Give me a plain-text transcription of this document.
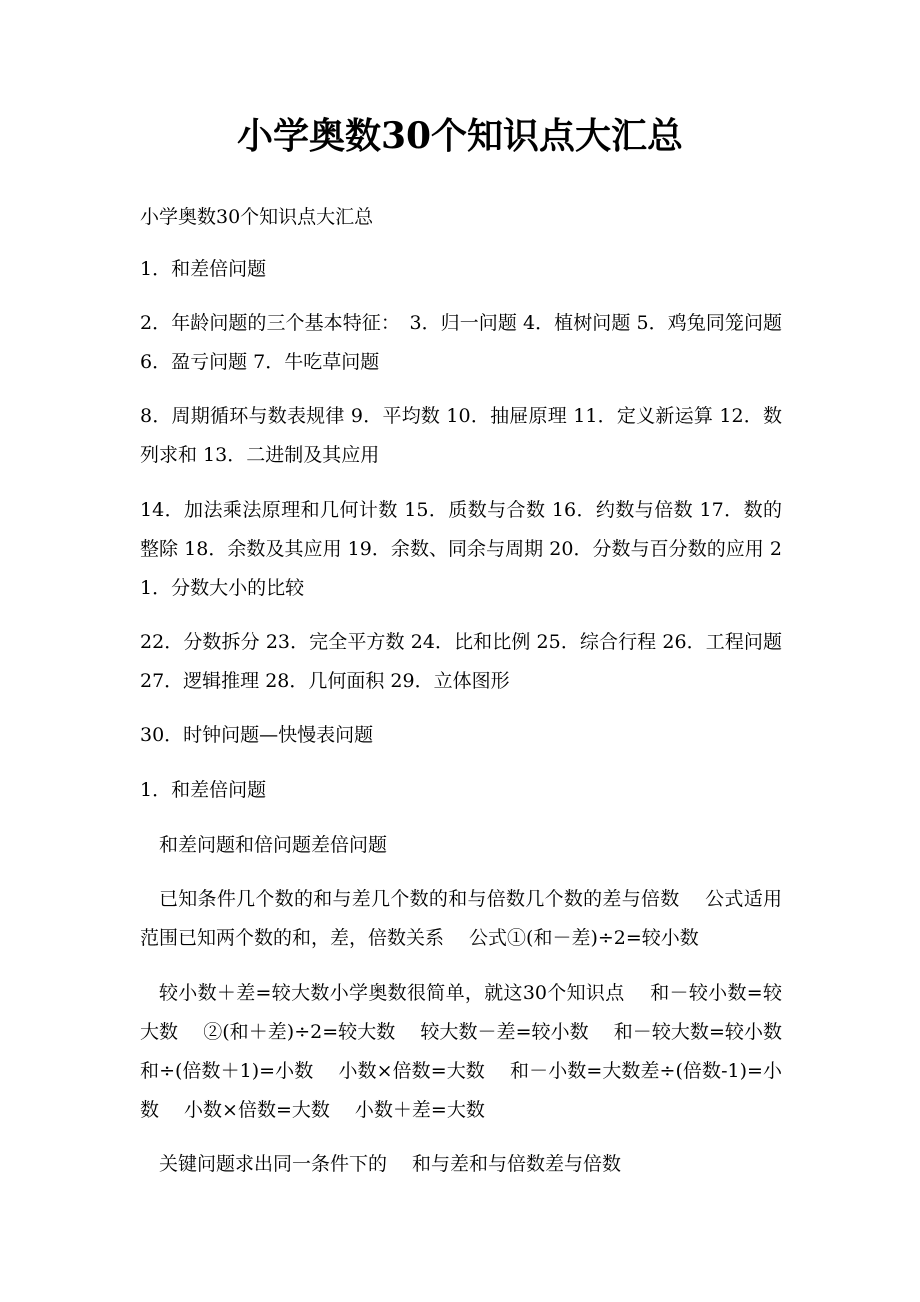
小学奥数30个知识点大汇总

小学奥数30个知识点大汇总

1．和差倍问题

2．年龄问题的三个基本特征：　3．归一问题 4．植树问题 5．鸡兔同笼问题 6．盈亏问题 7．牛吃草问题

8．周期循环与数表规律 9．平均数 10．抽屉原理 11．定义新运算 12．数列求和 13．二进制及其应用

14．加法乘法原理和几何计数 15．质数与合数 16．约数与倍数 17．数的整除 18．余数及其应用 19．余数、同余与周期 20．分数与百分数的应用 21．分数大小的比较

22．分数拆分 23．完全平方数 24．比和比例 25．综合行程 26．工程问题 27．逻辑推理 28．几何面积 29．立体图形

30．时钟问题—快慢表问题

1．和差倍问题

和差问题和倍问题差倍问题

已知条件几个数的和与差几个数的和与倍数几个数的差与倍数　 公式适用范围已知两个数的和，差，倍数关系　 公式①(和－差)÷2=较小数

较小数＋差=较大数小学奥数很简单，就这30个知识点　 和－较小数=较大数　 ②(和＋差)÷2=较大数　 较大数－差=较小数　 和－较大数=较小数　 和÷(倍数＋1)=小数　 小数×倍数=大数　 和－小数=大数差÷(倍数-1)=小数　 小数×倍数=大数　 小数＋差=大数

关键问题求出同一条件下的　 和与差和与倍数差与倍数
